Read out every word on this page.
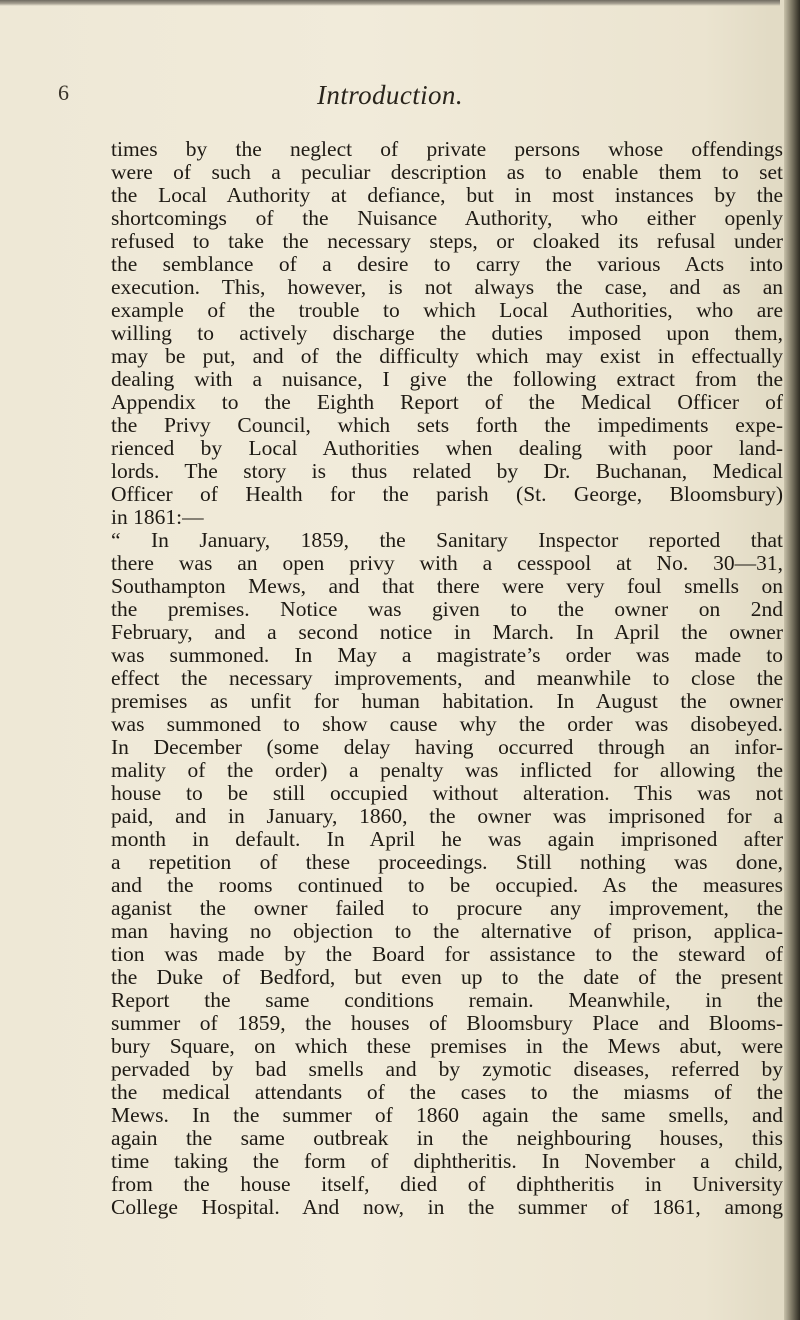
6	Introduction.
times by the neglect of private persons whose offendings
were of such a peculiar description as to enable them to set
the Local Authority at defiance, but in most instances by the
shortcomings of the Nuisance Authority, who either openly
refused to take the necessary steps, or cloaked its refusal under
the semblance of a desire to carry the various Acts into
execution. This, however, is not always the case, and as an
example of the trouble to which Local Authorities, who are
willing to actively discharge the duties imposed upon them,
may be put, and of the difficulty which may exist in effectually
dealing with a nuisance, I give the following extract from the
Appendix to the Eighth Report of the Medical Officer of
the Privy Council, which sets forth the impediments expe-
rienced by Local Authorities when dealing with poor land-
lords. The story is thus related by Dr. Buchanan, Medical
Officer of Health for the parish (St. George, Bloomsbury)
in 1861:—
“ In January, 1859, the Sanitary Inspector reported that
there was an open privy with a cesspool at No. 30—31,
Southampton Mews, and that there were very foul smells on
the premises. Notice was given to the owner on 2nd
February, and a second notice in March. In April the owner
was summoned. In May a magistrate’s order was made to
effect the necessary improvements, and meanwhile to close the
premises as unfit for human habitation. In August the owner
was summoned to show cause why the order was disobeyed.
In December (some delay having occurred through an infor-
mality of the order) a penalty was inflicted for allowing the
house to be still occupied without alteration. This was not
paid, and in January, 1860, the owner was imprisoned for a
month in default. In April he was again imprisoned after
a repetition of these proceedings. Still nothing was done,
and the rooms continued to be occupied. As the measures
aganist the owner failed to procure any improvement, the
man having no objection to the alternative of prison, applica-
tion was made by the Board for assistance to the steward of
the Duke of Bedford, but even up to the date of the present
Report the same conditions remain. Meanwhile, in the
summer of 1859, the houses of Bloomsbury Place and Blooms-
bury Square, on which these premises in the Mews abut, were
pervaded by bad smells and by zymotic diseases, referred by
the medical attendants of the cases to the miasms of the
Mews. In the summer of 1860 again the same smells, and
again the same outbreak in the neighbouring houses, this
time taking the form of diphtheritis. In November a child,
from the house itself, died of diphtheritis in University
College Hospital. And now, in the summer of 1861, among
